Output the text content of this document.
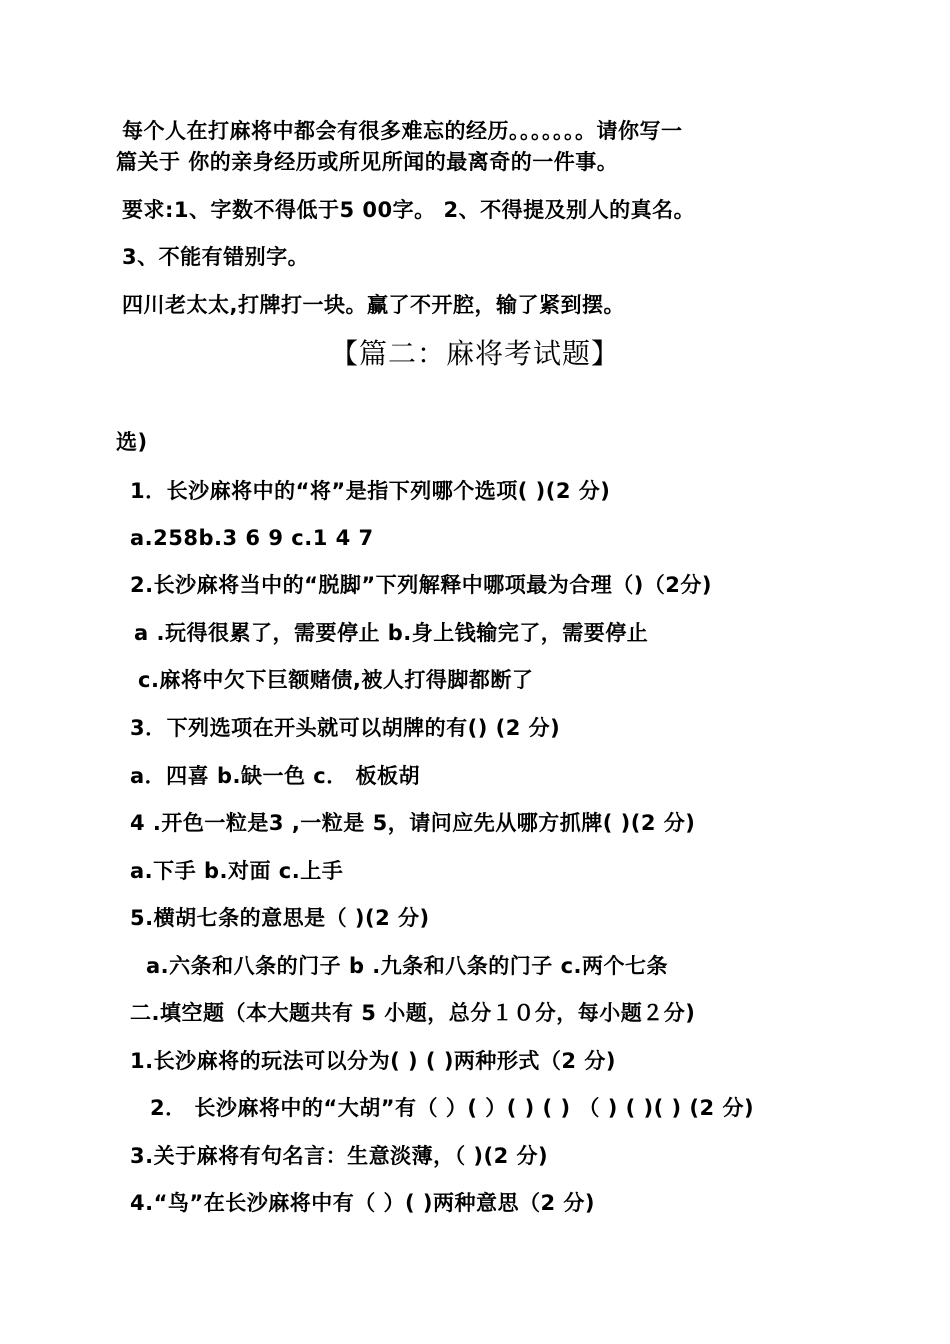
每个人在打麻将中都会有很多难忘的经历。。。。。。。请你写一
篇关于 你的亲身经历或所见所闻的最离奇的一件事。
要求:1、字数不得低于5 00字。 2、不得提及别人的真名。
3、不能有错别字。
四川老太太,打牌打一块。赢了不开腔，输了紧到摆。
【篇二：麻将考试题】
选)
1．长沙麻将中的“将”是指下列哪个选项( )(2 分)
a.258b.3 6 9 c.1 4 7
2.长沙麻将当中的“脱脚”下列解释中哪项最为合理（)（2分)
a .玩得很累了，需要停止 b.身上钱输完了，需要停止
c.麻将中欠下巨额赌债,被人打得脚都断了
3．下列选项在开头就可以胡牌的有() (2 分)
a．四喜 b.缺一色 c． 板板胡
4 .开色一粒是3 ,一粒是 5，请问应先从哪方抓牌( )(2 分)
a.下手 b.对面 c.上手
5.横胡七条的意思是（ )(2 分)
a.六条和八条的门子 b .九条和八条的门子 c.两个七条
二.填空题（本大题共有 5 小题，总分１０分，每小题２分)
1.长沙麻将的玩法可以分为( ) ( )两种形式（2 分)
2． 长沙麻将中的“大胡”有（ ）( ）( ) ( ) （ ) ( )( ) (2 分)
3.关于麻将有句名言：生意淡薄，（ )(2 分)
4.“鸟”在长沙麻将中有（ ）( )两种意思（2 分)
